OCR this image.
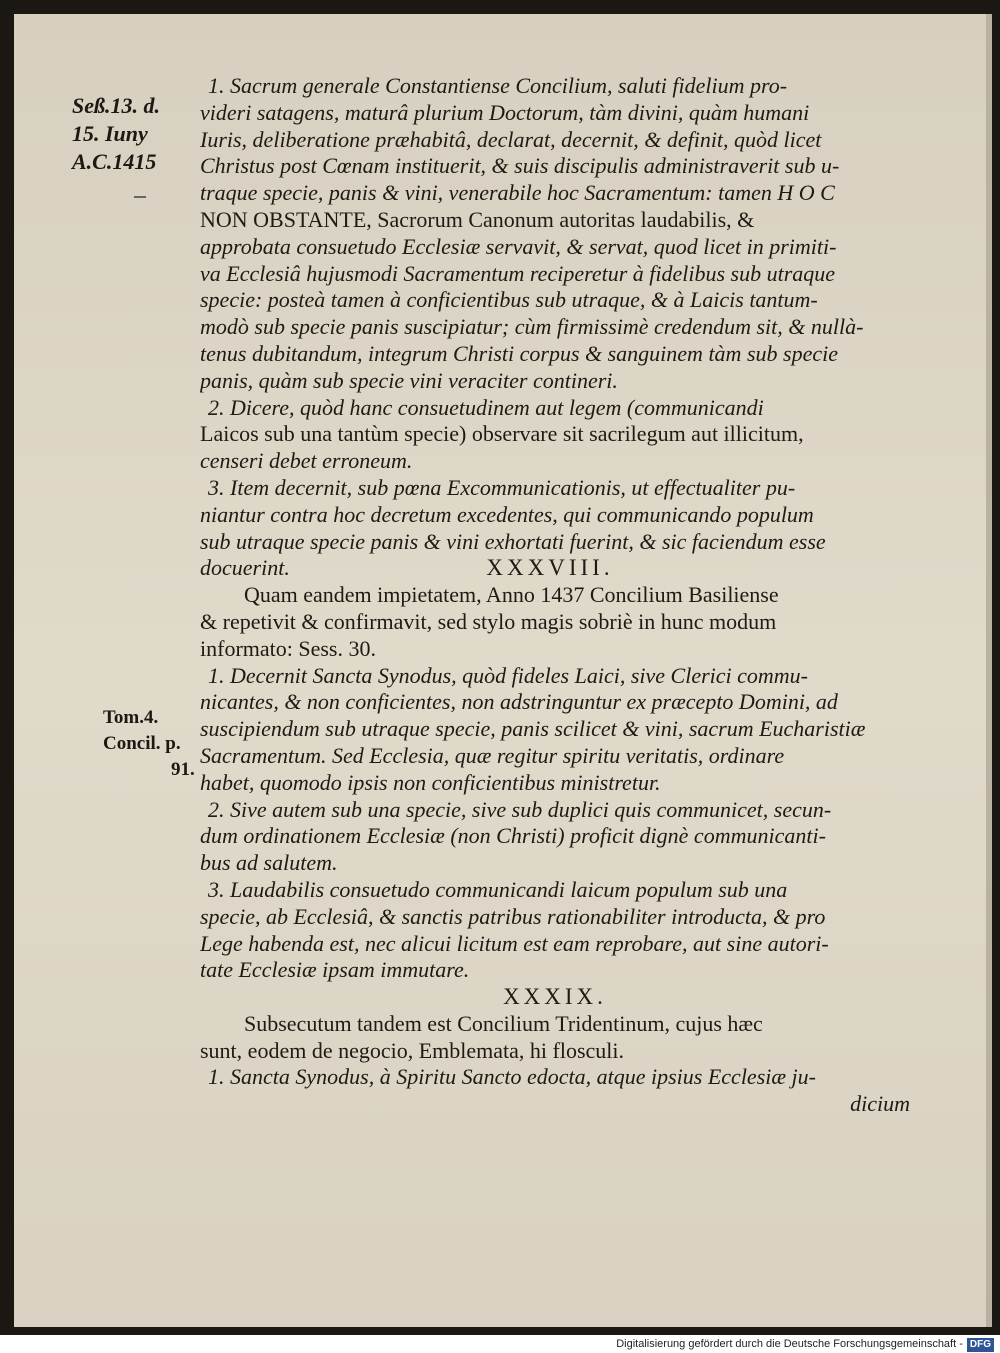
Seß.13. d.
15. Iuny
A.C.1415
Tom.4.
Concil. p.
91.
1. Sacrum generale Constantiense Concilium, saluti fidelium pro-
videri satagens, maturâ plurium Doctorum, tàm divini, quàm humani
Iuris, deliberatione præhabitâ, declarat, decernit, & definit, quòd licet
Christus post Cœnam instituerit, & suis discipulis administraverit sub u-
traque specie, panis & vini, venerabile hoc Sacramentum: tamen H O C
NON OBSTANTE, Sacrorum Canonum autoritas laudabilis, &
approbata consuetudo Ecclesiæ servavit, & servat, quod licet in primiti-
va Ecclesiâ hujusmodi Sacramentum reciperetur à fidelibus sub utraque
specie: posteà tamen à conficientibus sub utraque, & à Laicis tantum-
modò sub specie panis suscipiatur; cùm firmissimè credendum sit, & nullà-
tenus dubitandum, integrum Christi corpus & sanguinem tàm sub specie
panis, quàm sub specie vini veraciter contineri.
2. Dicere, quòd hanc consuetudinem aut legem (communicandi
Laicos sub una tantùm specie) observare sit sacrilegum aut illicitum,
censeri debet erroneum.
3. Item decernit, sub pœna Excommunicationis, ut effectualiter pu-
niantur contra hoc decretum excedentes, qui communicando populum
sub utraque specie panis & vini exhortati fuerint, & sic faciendum esse
docuerint.	XXXVIII.
Quam eandem impietatem, Anno 1437 Concilium Basiliense
& repetivit & confirmavit, sed stylo magis sobriè in hunc modum
informato: Sess. 30.
1. Decernit Sancta Synodus, quòd fideles Laici, sive Clerici commu-
nicantes, & non conficientes, non adstringuntur ex præcepto Domini, ad
suscipiendum sub utraque specie, panis scilicet & vini, sacrum Eucharistiæ
Sacramentum. Sed Ecclesia, quæ regitur spiritu veritatis, ordinare
habet, quomodo ipsis non conficientibus ministretur.
2. Sive autem sub una specie, sive sub duplici quis communicet, secun-
dum ordinationem Ecclesiæ (non Christi) proficit dignè communicanti-
bus ad salutem.
3. Laudabilis consuetudo communicandi laicum populum sub una
specie, ab Ecclesiâ, & sanctis patribus rationabiliter introducta, & pro
Lege habenda est, nec alicui licitum est eam reprobare, aut sine autori-
tate Ecclesiæ ipsam immutare.
XXXIX.
Subsecutum tandem est Concilium Tridentinum, cujus hæc
sunt, eodem de negocio, Emblemata, hi flosculi.
1. Sancta Synodus, à Spiritu Sancto edocta, atque ipsius Ecclesiæ ju-
dicium
Digitalisierung gefördert durch die Deutsche Forschungsgemeinschaft - DFG
